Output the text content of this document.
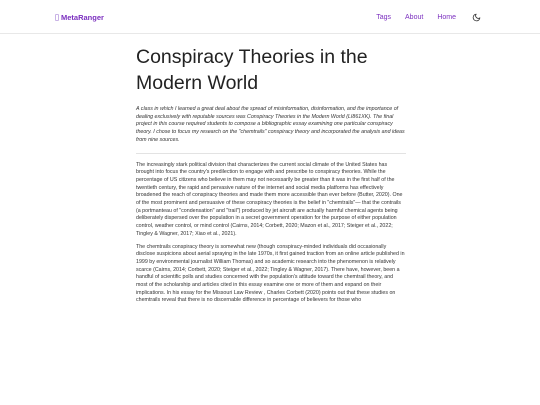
MetaRanger	Tags About Home
Conspiracy Theories in the Modern World

A class in which I learned a great deal about the spread of misinformation, disinformation, and the importance of dealing exclusively with reputable sources was Conspiracy Theories in the Modern World (LI861XK). The final project in this course required students to compose a bibliographic essay examining one particular conspiracy theory. I chose to focus my research on the "chemtrails" conspiracy theory and incorporated the analysis and ideas from nine sources.

The increasingly stark political division that characterizes the current social climate of the United States has brought into focus the country's predilection to engage with and prescribe to conspiracy theories. While the percentage of US citizens who believe in them may not necessarily be greater than it was in the first half of the twentieth century, the rapid and pervasive nature of the internet and social media platforms has effectively broadened the reach of conspiracy theories and made them more accessible than ever before (Butter, 2020). One of the most prominent and persuasive of these conspiracy theories is the belief in "chemtrails"— that the contrails (a portmanteau of "condensation" and "trail") produced by jet aircraft are actually harmful chemical agents being deliberately dispersed over the population in a secret government operation for the purpose of either population control, weather control, or mind control (Cairns, 2014; Corbett, 2020; Mazon et al., 2017; Steiger et al., 2022; Tingley & Wagner, 2017; Xiao et al., 2021).

The chemtrails conspiracy theory is somewhat new (though conspiracy-minded individuals did occasionally disclose suspicions about aerial spraying in the late 1970s, it first gained traction from an online article published in 1999 by environmental journalist William Thomas) and so academic research into the phenomenon is relatively scarce (Cairns, 2014; Corbett, 2020; Steiger et al., 2022; Tingley & Wagner, 2017). There have, however, been a handful of scientific polls and studies concerned with the population's attitude toward the chemtrail theory, and most of the scholarship and articles cited in this essay examine one or more of them and expand on their implications. In his essay for the Missouri Law Review , Charles Corbett (2020) points out that these studies on chemtrails reveal that there is no discernable difference in percentage of believers for those who
